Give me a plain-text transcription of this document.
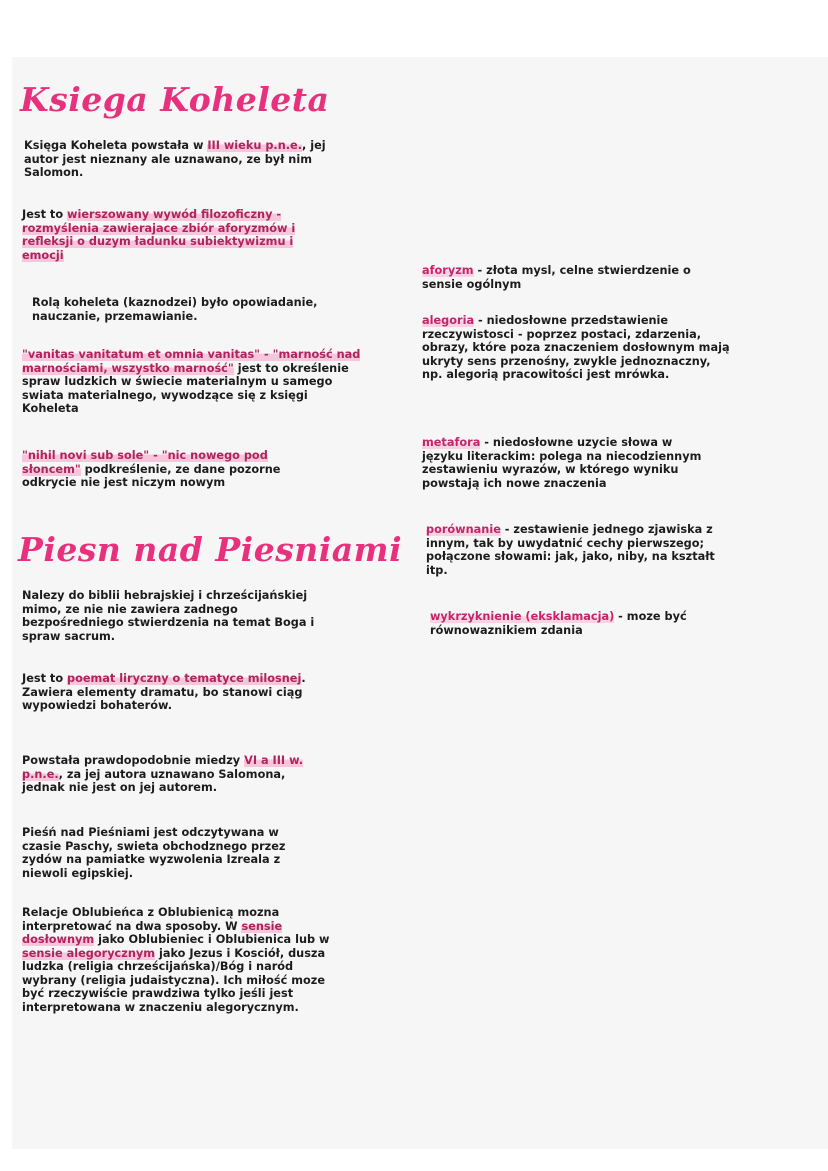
Ksiega Koheleta

Księga Koheleta powstała w III wieku p.n.e., jej autor jest nieznany ale uznawano, ze był nim Salomon.

Jest to wierszowany wywód filozoficzny - rozmyślenia zawierajace zbiór aforyzmów i refleksji o duzym ładunku subiektywizmu i emocji

Rolą koheleta (kaznodzei) było opowiadanie, nauczanie, przemawianie.

"vanitas vanitatum et omnia vanitas" - "marność nad marnościami, wszystko marność" jest to określenie spraw ludzkich w świecie materialnym u samego swiata materialnego, wywodzące się z księgi Koheleta

"nihil novi sub sole" - "nic nowego pod słoncem" podkreślenie, ze dane pozorne odkrycie nie jest niczym nowym

Piesn nad Piesniami

Nalezy do biblii hebrajskiej i chrześcijańskiej mimo, ze nie nie zawiera zadnego bezpośredniego stwierdzenia na temat Boga i spraw sacrum.

Jest to poemat liryczny o tematyce milosnej. Zawiera elementy dramatu, bo stanowi ciąg wypowiedzi bohaterów.

Powstała prawdopodobnie miedzy VI a III w. p.n.e., za jej autora uznawano Salomona, jednak nie jest on jej autorem.

Pieśń nad Pieśniami jest odczytywana w czasie Paschy, swieta obchodznego przez zydów na pamiatke wyzwolenia Izreala z niewoli egipskiej.

Relacje Oblubieńca z Oblubienicą mozna interpretować na dwa sposoby. W sensie dosłownym jako Oblubieniec i Oblubienica lub w sensie alegorycznym jako Jezus i Kosciół, dusza ludzka (religia chrześcijańska)/Bóg i naród wybrany (religia judaistyczna). Ich miłość moze być rzeczywiście prawdziwa tylko jeśli jest interpretowana w znaczeniu alegorycznym.

aforyzm - złota mysl, celne stwierdzenie o sensie ogólnym

alegoria - niedosłowne przedstawienie rzeczywistosci - poprzez postaci, zdarzenia, obrazy, które poza znaczeniem dosłownym mają ukryty sens przenośny, zwykle jednoznaczny, np. alegorią pracowitości jest mrówka.

metafora - niedosłowne uzycie słowa w języku literackim: polega na niecodziennym zestawieniu wyrazów, w którego wyniku powstają ich nowe znaczenia

porównanie - zestawienie jednego zjawiska z innym, tak by uwydatnić cechy pierwszego; połączone słowami: jak, jako, niby, na kształt itp.

wykrzyknienie (eksklamacja) - moze być równowaznikiem zdania
